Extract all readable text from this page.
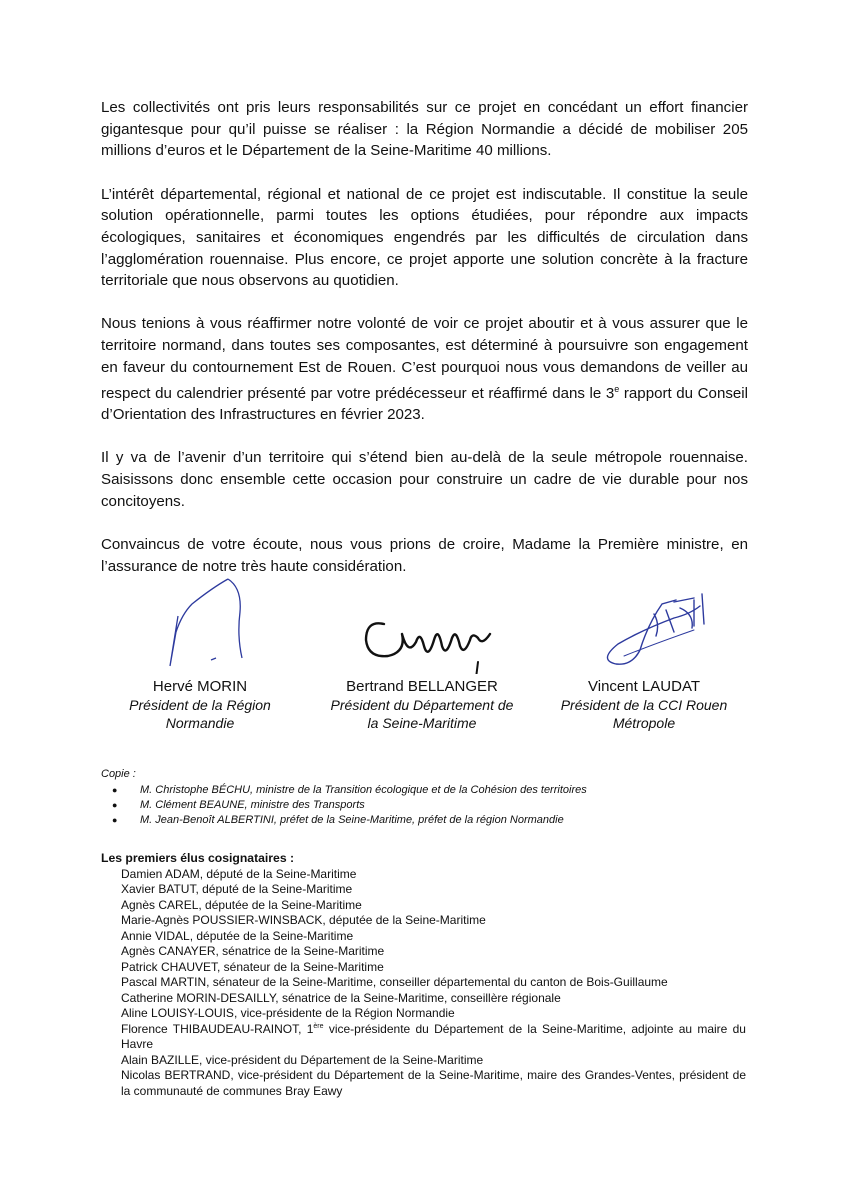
Les collectivités ont pris leurs responsabilités sur ce projet en concédant un effort financier gigantesque pour qu’il puisse se réaliser : la Région Normandie a décidé de mobiliser 205 millions d’euros et le Département de la Seine-Maritime 40 millions.

L’intérêt départemental, régional et national de ce projet est indiscutable. Il constitue la seule solution opérationnelle, parmi toutes les options étudiées, pour répondre aux impacts écologiques, sanitaires et économiques engendrés par les difficultés de circulation dans l’agglomération rouennaise. Plus encore, ce projet apporte une solution concrète à la fracture territoriale que nous observons au quotidien.

Nous tenions à vous réaffirmer notre volonté de voir ce projet aboutir et à vous assurer que le territoire normand, dans toutes ses composantes, est déterminé à poursuivre son engagement en faveur du contournement Est de Rouen. C’est pourquoi nous vous demandons de veiller au respect du calendrier présenté par votre prédécesseur et réaffirmé dans le 3e rapport du Conseil d’Orientation des Infrastructures en février 2023.

Il y va de l’avenir d’un territoire qui s’étend bien au-delà de la seule métropole rouennaise. Saisissons donc ensemble cette occasion pour construire un cadre de vie durable pour nos concitoyens.

Convaincus de votre écoute, nous vous prions de croire, Madame la Première ministre, en l’assurance de notre très haute considération.

Hervé MORIN
Président de la Région
Normandie
Bertrand BELLANGER
Président du Département de
la Seine-Maritime
Vincent LAUDAT
Président de la CCI Rouen
Métropole
Copie :
● M. Christophe BÉCHU, ministre de la Transition écologique et de la Cohésion des territoires
● M. Clément BEAUNE, ministre des Transports
● M. Jean-Benoît ALBERTINI, préfet de la Seine-Maritime, préfet de la région Normandie
Les premiers élus cosignataires :
Damien ADAM, député de la Seine-Maritime
Xavier BATUT, député de la Seine-Maritime
Agnès CAREL, députée de la Seine-Maritime
Marie-Agnès POUSSIER-WINSBACK, députée de la Seine-Maritime
Annie VIDAL, députée de la Seine-Maritime
Agnès CANAYER, sénatrice de la Seine-Maritime
Patrick CHAUVET, sénateur de la Seine-Maritime
Pascal MARTIN, sénateur de la Seine-Maritime, conseiller départemental du canton de Bois-Guillaume
Catherine MORIN-DESAILLY, sénatrice de la Seine-Maritime, conseillère régionale
Aline LOUISY-LOUIS, vice-présidente de la Région Normandie
Florence THIBAUDEAU-RAINOT, 1ère vice-présidente du Département de la Seine-Maritime, adjointe au maire du Havre
Alain BAZILLE, vice-président du Département de la Seine-Maritime
Nicolas BERTRAND, vice-président du Département de la Seine-Maritime, maire des Grandes-Ventes, président de la communauté de communes Bray Eawy
